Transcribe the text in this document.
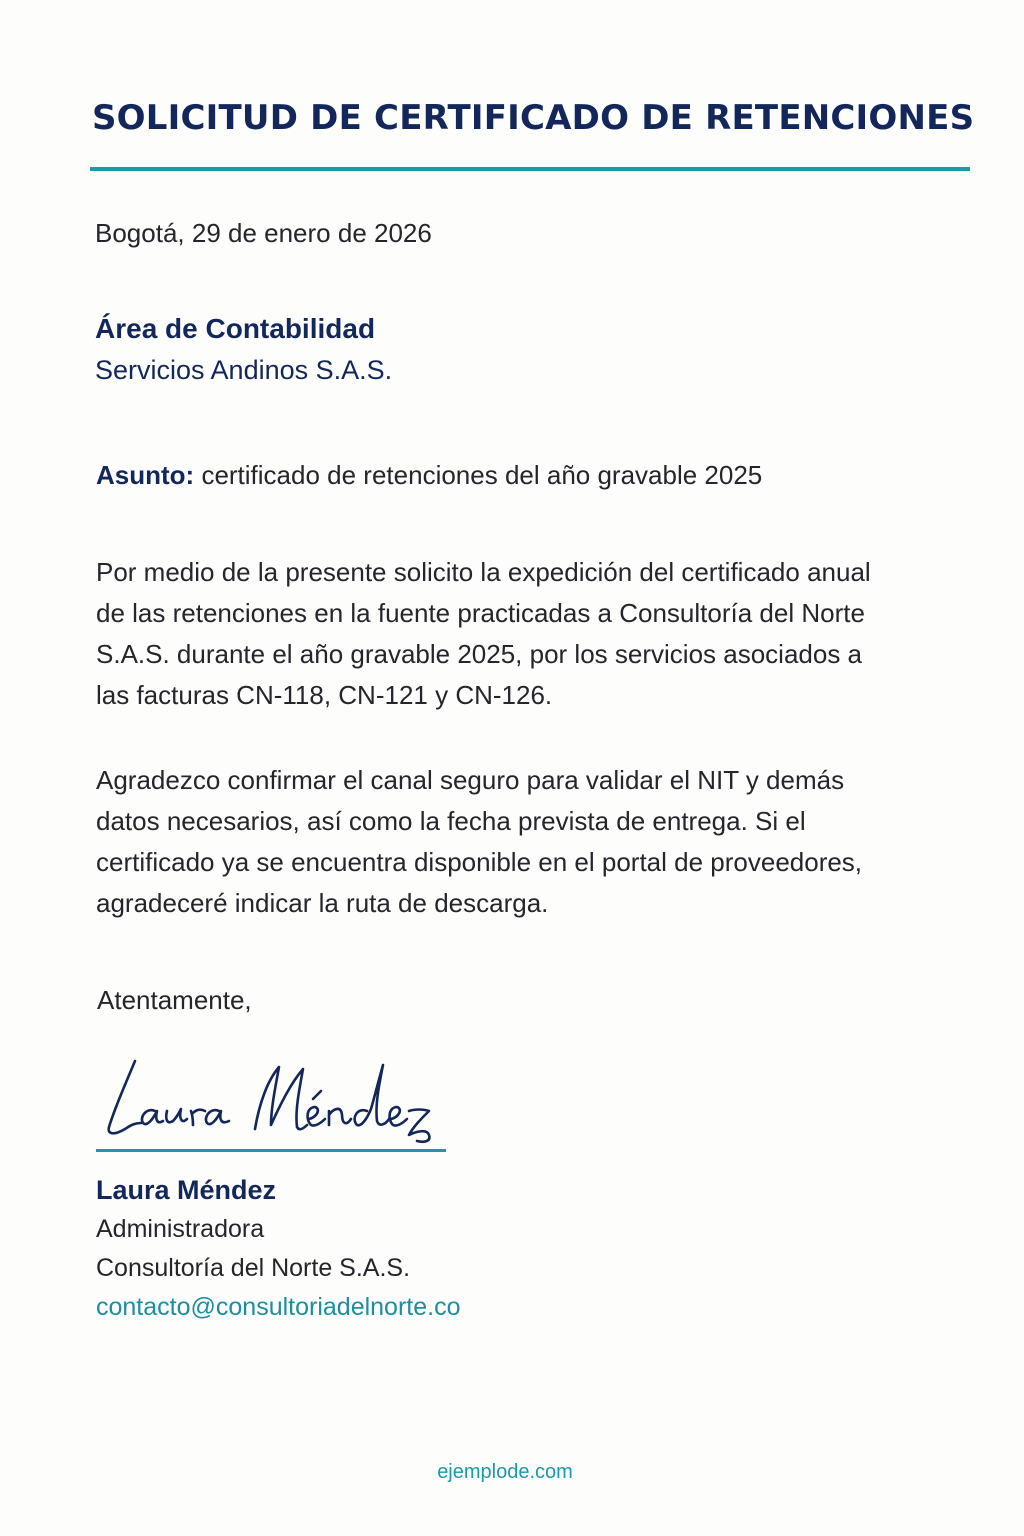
SOLICITUD DE CERTIFICADO DE RETENCIONES
Bogotá, 29 de enero de 2026
Área de Contabilidad
Servicios Andinos S.A.S.
Asunto: certificado de retenciones del año gravable 2025

Por medio de la presente solicito la expedición del certificado anual de las retenciones en la fuente practicadas a Consultoría del Norte S.A.S. durante el año gravable 2025, por los servicios asociados a las facturas CN-118, CN-121 y CN-126.

Agradezco confirmar el canal seguro para validar el NIT y demás datos necesarios, así como la fecha prevista de entrega. Si el certificado ya se encuentra disponible en el portal de proveedores, agradeceré indicar la ruta de descarga.

Atentamente,
Laura Méndez
Administradora
Consultoría del Norte S.A.S.
contacto@consultoriadelnorte.co
ejemplode.com
